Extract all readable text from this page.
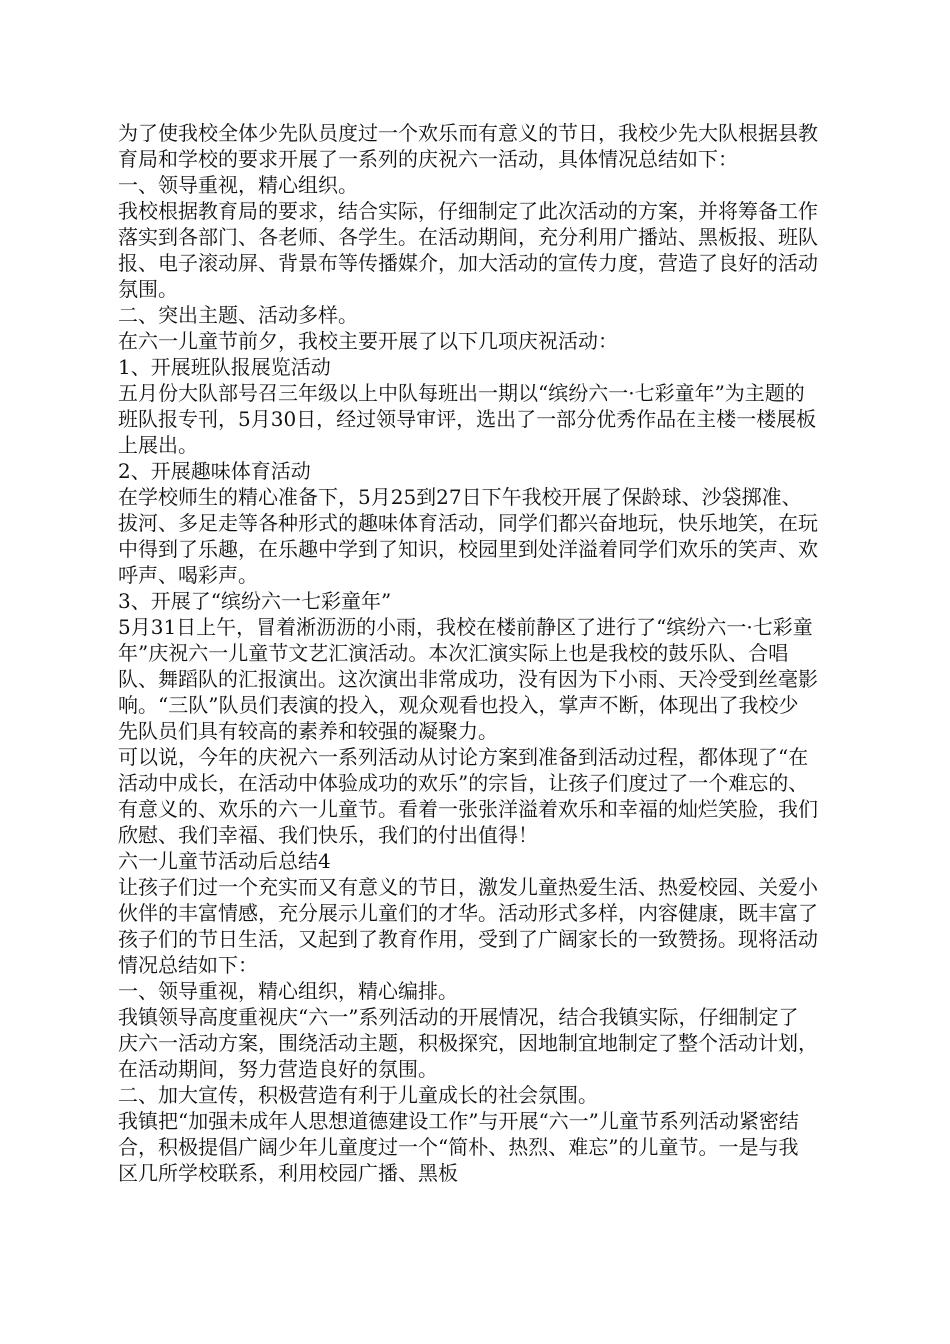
为了使我校全体少先队员度过一个欢乐而有意义的节日，我校少先大队根据县教育局和学校的要求开展了一系列的庆祝六一活动，具体情况总结如下：

一、领导重视，精心组织。

我校根据教育局的要求，结合实际，仔细制定了此次活动的方案，并将筹备工作落实到各部门、各老师、各学生。在活动期间，充分利用广播站、黑板报、班队报、电子滚动屏、背景布等传播媒介，加大活动的宣传力度，营造了良好的活动氛围。

二、突出主题、活动多样。

在六一儿童节前夕，我校主要开展了以下几项庆祝活动：

1、开展班队报展览活动

五月份大队部号召三年级以上中队每班出一期以“缤纷六一·七彩童年”为主题的班队报专刊，5月30日，经过领导审评，选出了一部分优秀作品在主楼一楼展板上展出。

2、开展趣味体育活动

在学校师生的精心准备下，5月25到27日下午我校开展了保龄球、沙袋掷准、拔河、多足走等各种形式的趣味体育活动，同学们都兴奋地玩，快乐地笑，在玩中得到了乐趣，在乐趣中学到了知识，校园里到处洋溢着同学们欢乐的笑声、欢呼声、喝彩声。

3、开展了“缤纷六一七彩童年”

5月31日上午，冒着淅沥沥的小雨，我校在楼前静区了进行了“缤纷六一·七彩童年”庆祝六一儿童节文艺汇演活动。本次汇演实际上也是我校的鼓乐队、合唱队、舞蹈队的汇报演出。这次演出非常成功，没有因为下小雨、天冷受到丝毫影响。“三队”队员们表演的投入，观众观看也投入，掌声不断，体现出了我校少先队员们具有较高的素养和较强的凝聚力。

可以说，今年的庆祝六一系列活动从讨论方案到准备到活动过程，都体现了“在活动中成长，在活动中体验成功的欢乐”的宗旨，让孩子们度过了一个难忘的、有意义的、欢乐的六一儿童节。看着一张张洋溢着欢乐和幸福的灿烂笑脸，我们欣慰、我们幸福、我们快乐，我们的付出值得！

六一儿童节活动后总结4

让孩子们过一个充实而又有意义的节日，激发儿童热爱生活、热爱校园、关爱小伙伴的丰富情感，充分展示儿童们的才华。活动形式多样，内容健康，既丰富了孩子们的节日生活，又起到了教育作用，受到了广阔家长的一致赞扬。现将活动情况总结如下：

一、领导重视，精心组织，精心编排。

我镇领导高度重视庆“六一”系列活动的开展情况，结合我镇实际，仔细制定了庆六一活动方案，围绕活动主题，积极探究，因地制宜地制定了整个活动计划，在活动期间，努力营造良好的氛围。

二、加大宣传，积极营造有利于儿童成长的社会氛围。

我镇把“加强未成年人思想道德建设工作”与开展“六一”儿童节系列活动紧密结合，积极提倡广阔少年儿童度过一个“简朴、热烈、难忘”的儿童节。一是与我区几所学校联系，利用校园广播、黑板
